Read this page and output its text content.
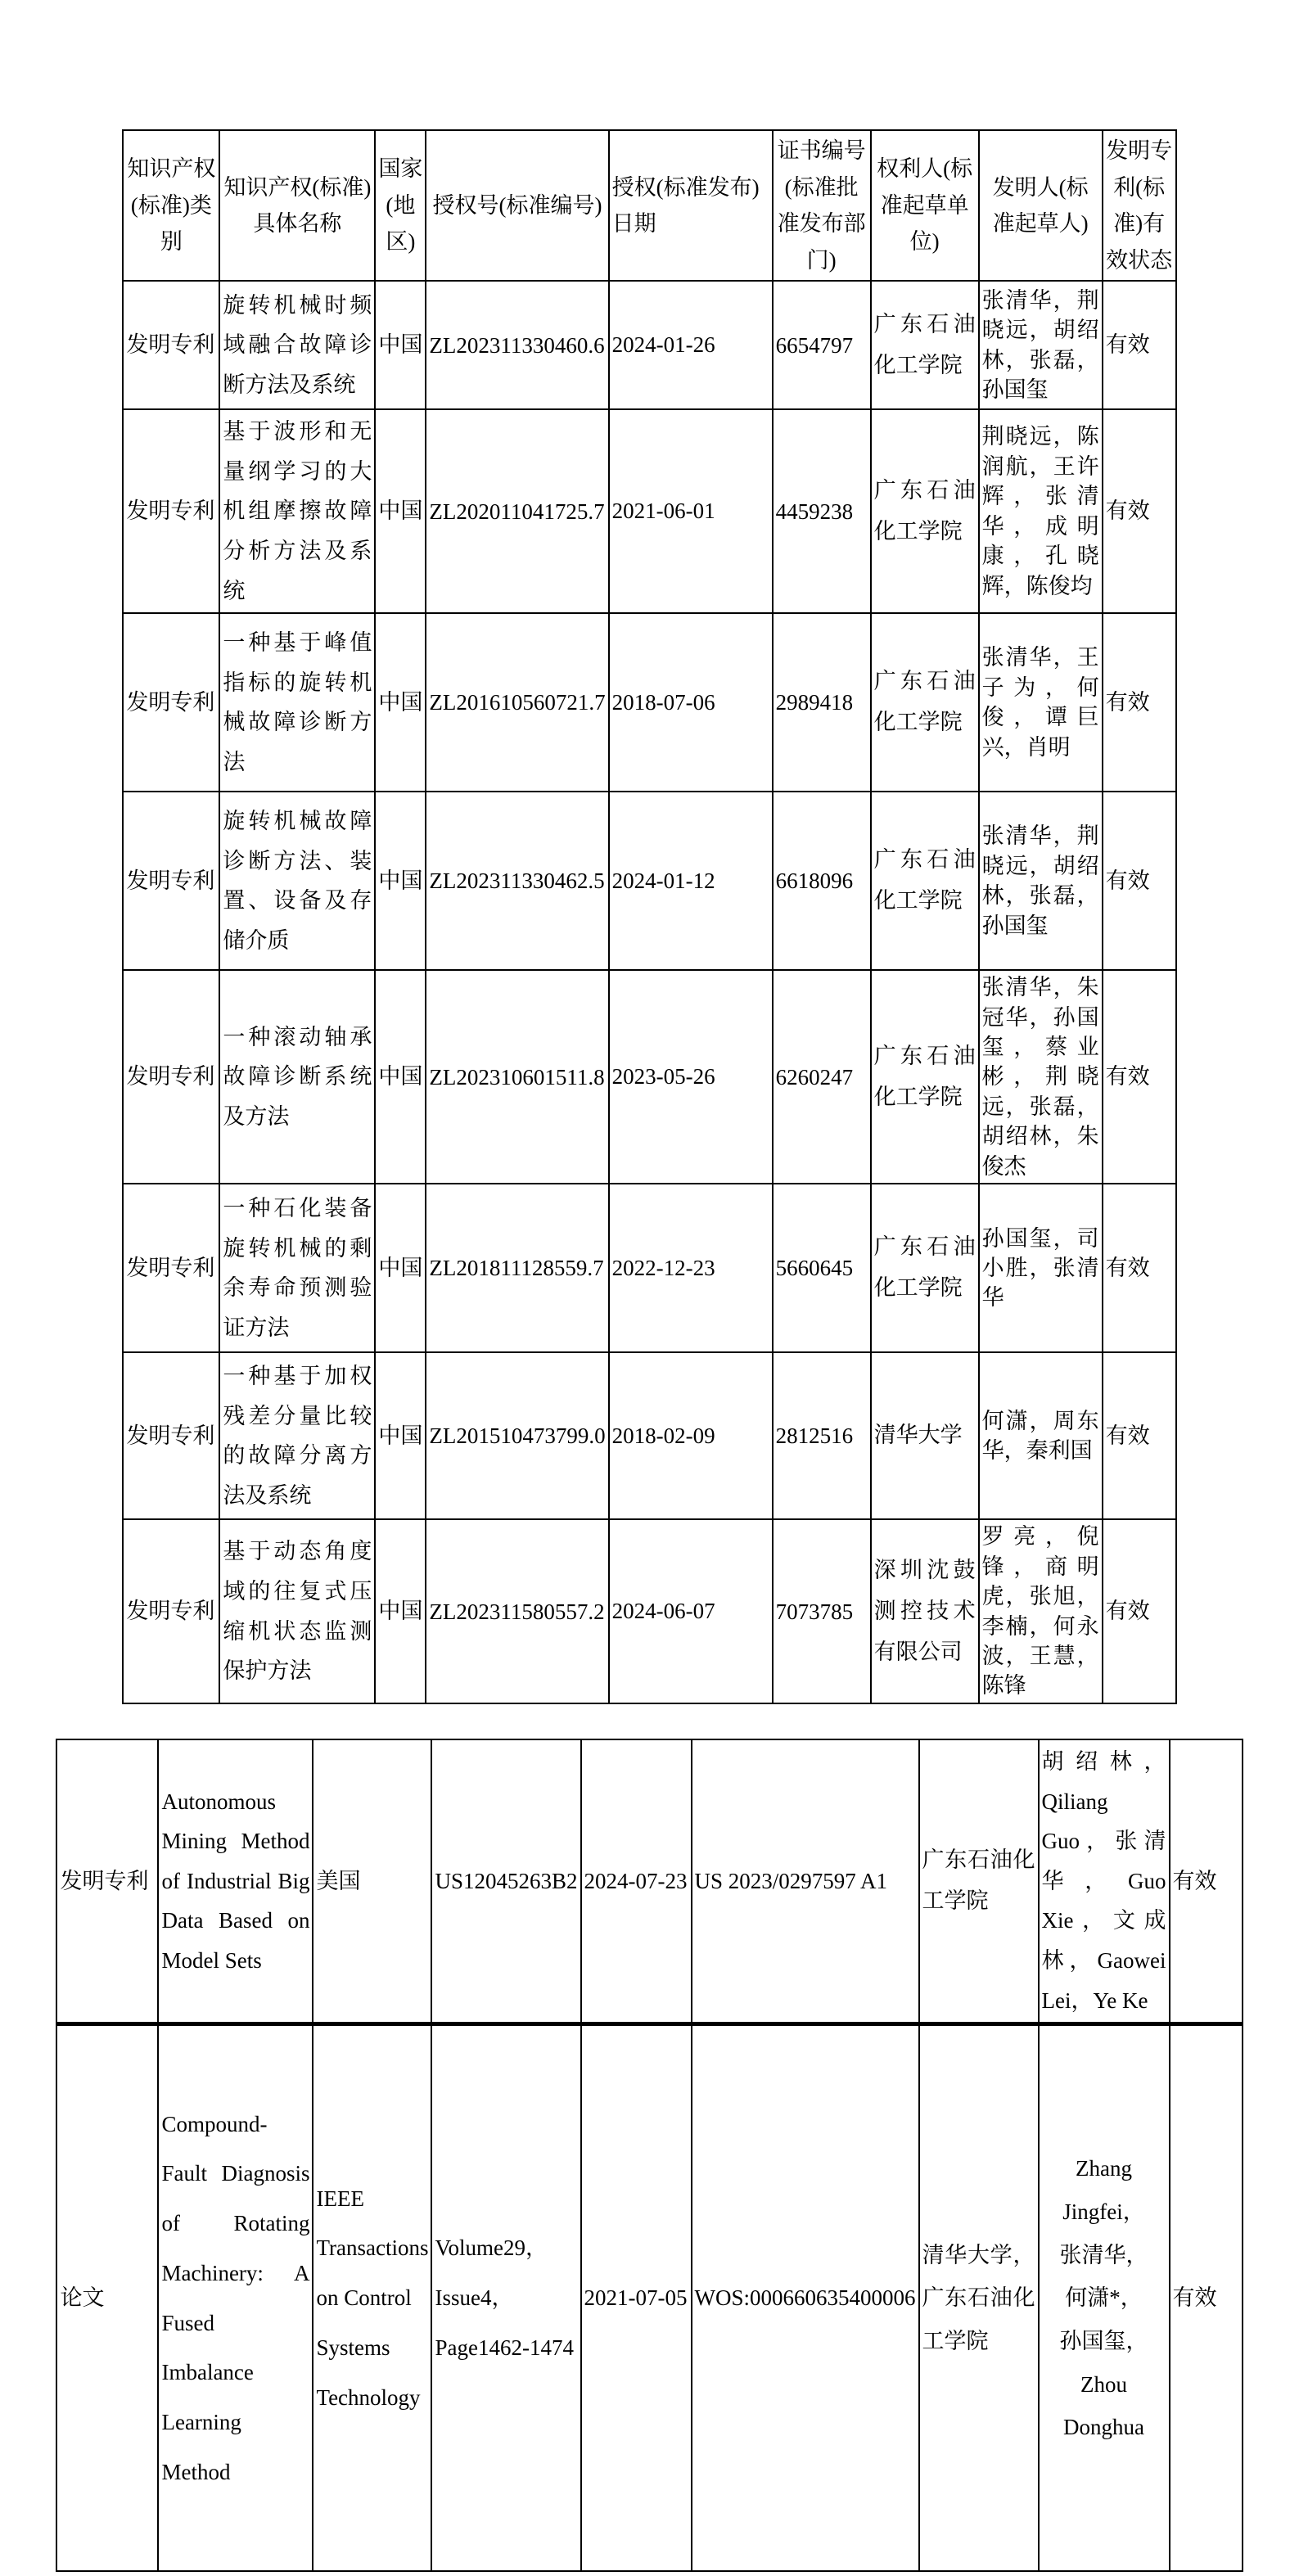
知识产权(标准)类别	知识产权(标准)具体名称	国家(地区)	授权号(标准编号)	授权(标准发布)日期	证书编号(标准批准发布部门)	权利人(标准起草单位)	发明人(标准起草人)	发明专利(标准)有效状态
发明专利	旋转机械时频域融合故障诊断方法及系统	中国	ZL202311330460.6	2024-01-26	6654797	广东石油化工学院	张清华，荆晓远，胡绍林，张磊，孙国玺	有效
发明专利	基于波形和无量纲学习的大机组摩擦故障分析方法及系统	中国	ZL202011041725.7	2021-06-01	4459238	广东石油化工学院	荆晓远，陈润航，王许辉，张清华，成明康，孔晓辉，陈俊均	有效
发明专利	一种基于峰值指标的旋转机械故障诊断方法	中国	ZL201610560721.7	2018-07-06	2989418	广东石油化工学院	张清华，王子为，何俊，谭巨兴，肖明	有效
发明专利	旋转机械故障诊断方法、装置、设备及存储介质	中国	ZL202311330462.5	2024-01-12	6618096	广东石油化工学院	张清华，荆晓远，胡绍林，张磊，孙国玺	有效
发明专利	一种滚动轴承故障诊断系统及方法	中国	ZL202310601511.8	2023-05-26	6260247	广东石油化工学院	张清华，朱冠华，孙国玺，蔡业彬，荆晓远，张磊，胡绍林，朱俊杰	有效
发明专利	一种石化装备旋转机械的剩余寿命预测验证方法	中国	ZL201811128559.7	2022-12-23	5660645	广东石油化工学院	孙国玺，司小胜，张清华	有效
发明专利	一种基于加权残差分量比较的故障分离方法及系统	中国	ZL201510473799.0	2018-02-09	2812516	清华大学	何潇，周东华，秦利国	有效
发明专利	基于动态角度域的往复式压缩机状态监测保护方法	中国	ZL202311580557.2	2024-06-07	7073785	深圳沈鼓测控技术有限公司	罗亮，倪锋，商明虎，张旭，李楠，何永波，王慧，陈锋	有效
发明专利	Autonomous Mining Method of Industrial Big Data Based on Model Sets	美国	US12045263B2	2024-07-23	US 2023/0297597 A1	广东石油化工学院	胡绍林，Qiliang Guo，张清华，Guo Xie，文成林，Gaowei Lei，Ye Ke	有效
论文	Compound-Fault Diagnosis of Rotating Machinery: A Fused Imbalance Learning Method	IEEE Transactions on Control Systems Technology	Volume29，Issue4，Page1462-1474	2021-07-05	WOS:000660635400006	清华大学，广东石油化工学院	Zhang Jingfei，张清华，何潇*，孙国玺，Zhou Donghua	有效
